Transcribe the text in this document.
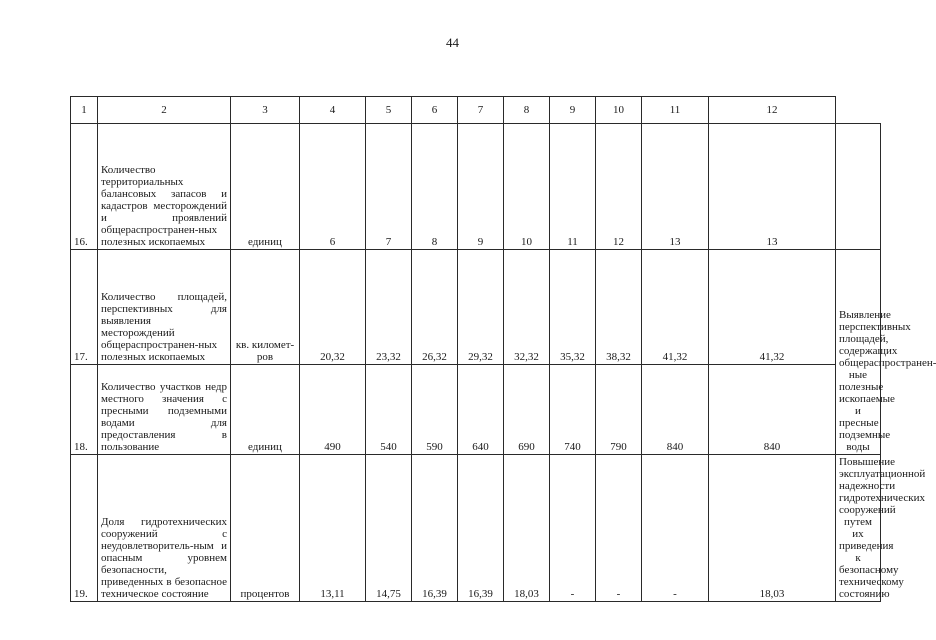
44
1	2	3	4	5	6	7	8	9	10	11	12	
16.	Количество территориальных балансовых запасов и кадастров месторождений и проявлений общераспространен-ных полезных ископаемых	единиц	6	7	8	9	10	11	12	13	13	
17.	Количество площадей, перспективных для выявления месторождений общераспространен-ных полезных ископаемых	кв. километ-ров	20,32	23,32	26,32	29,32	32,32	35,32	38,32	41,32	41,32	Выявление перспективных площадей, содержащих общераспространен-ные полезные ископаемые и пресные подземные воды
18.	Количество участков недр местного значения с пресными подземными водами для предоставления в пользование	единиц	490	540	590	640	690	740	790	840	840	
19.	Доля гидротехнических сооружений с неудовлетворитель-ным и опасным уровнем безопасности, приведенных в безопасное техническое состояние	процентов	13,11	14,75	16,39	16,39	18,03	-	-	-	18,03	Повышение эксплуатационной надежности гидротехнических сооружений путем их приведения к безопасному техническому состоянию
